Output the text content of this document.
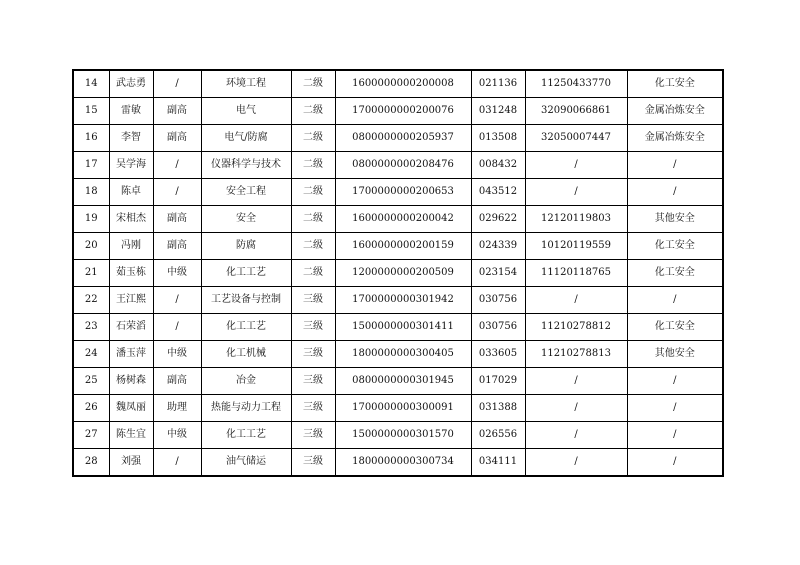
14	武志勇	/	环境工程	二级	1600000000200008	021136	11250433770	化工安全
15	雷敏	副高	电气	二级	1700000000200076	031248	32090066861	金属冶炼安全
16	李智	副高	电气/防腐	二级	0800000000205937	013508	32050007447	金属冶炼安全
17	吴学海	/	仪器科学与技术	二级	0800000000208476	008432	/	/
18	陈卓	/	安全工程	二级	1700000000200653	043512	/	/
19	宋相杰	副高	安全	二级	1600000000200042	029622	12120119803	其他安全
20	冯刚	副高	防腐	二级	1600000000200159	024339	10120119559	化工安全
21	茹玉栋	中级	化工工艺	二级	1200000000200509	023154	11120118765	化工安全
22	王江熙	/	工艺设备与控制	三级	1700000000301942	030756	/	/
23	石荣滔	/	化工工艺	三级	1500000000301411	030756	11210278812	化工安全
24	潘玉萍	中级	化工机械	三级	1800000000300405	033605	11210278813	其他安全
25	杨树森	副高	冶金	三级	0800000000301945	017029	/	/
26	魏凤丽	助理	热能与动力工程	三级	1700000000300091	031388	/	/
27	陈生宜	中级	化工工艺	三级	1500000000301570	026556	/	/
28	刘强	/	油气储运	三级	1800000000300734	034111	/	/
